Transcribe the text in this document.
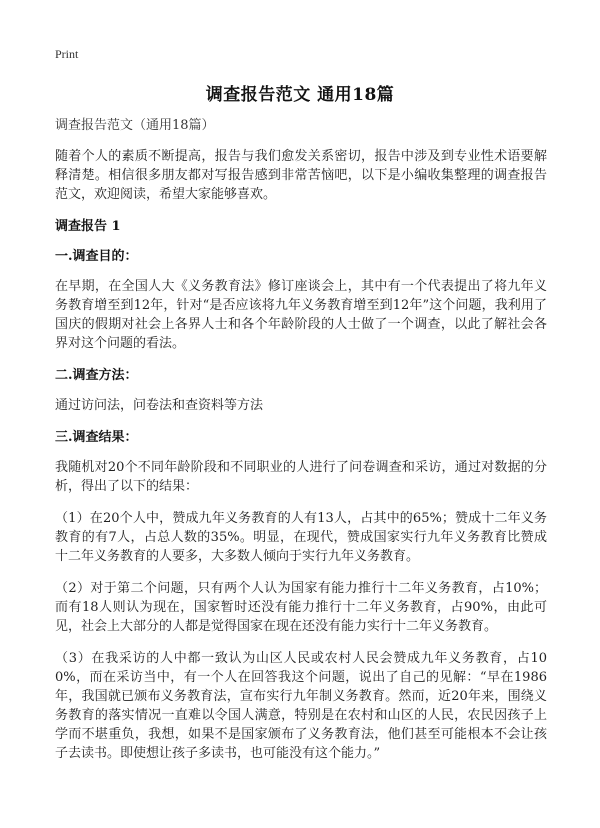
Print
调查报告范文 通用18篇

调查报告范文（通用18篇）

随着个人的素质不断提高，报告与我们愈发关系密切，报告中涉及到专业性术语要解释清楚。相信很多朋友都对写报告感到非常苦恼吧，以下是小编收集整理的调查报告范文，欢迎阅读，希望大家能够喜欢。

调查报告 1

一.调查目的：

在早期，在全国人大《义务教育法》修订座谈会上，其中有一个代表提出了将九年义务教育增至到12年，针对“是否应该将九年义务教育增至到12年”这个问题，我利用了国庆的假期对社会上各界人士和各个年龄阶段的人士做了一个调查，以此了解社会各界对这个问题的看法。

二.调查方法：

通过访问法，问卷法和查资料等方法

三.调查结果：

我随机对20个不同年龄阶段和不同职业的人进行了问卷调查和采访，通过对数据的分析，得出了以下的结果：

（1）在20个人中，赞成九年义务教育的人有13人，占其中的65%；赞成十二年义务教育的有7人，占总人数的35%。明显，在现代，赞成国家实行九年义务教育比赞成十二年义务教育的人要多，大多数人倾向于实行九年义务教育。

（2）对于第二个问题，只有两个人认为国家有能力推行十二年义务教育，占10%；而有18人则认为现在，国家暂时还没有能力推行十二年义务教育，占90%，由此可见，社会上大部分的人都是觉得国家在现在还没有能力实行十二年义务教育。

（3）在我采访的人中都一致认为山区人民或农村人民会赞成九年义务教育，占100%，而在采访当中，有一个人在回答我这个问题，说出了自己的见解：“早在1986年，我国就已颁布义务教育法，宣布实行九年制义务教育。然而，近20年来，围绕义务教育的落实情况一直难以令国人满意，特别是在农村和山区的人民，农民因孩子上学而不堪重负，我想，如果不是国家颁布了义务教育法，他们甚至可能根本不会让孩子去读书。即使想让孩子多读书，也可能没有这个能力。”
